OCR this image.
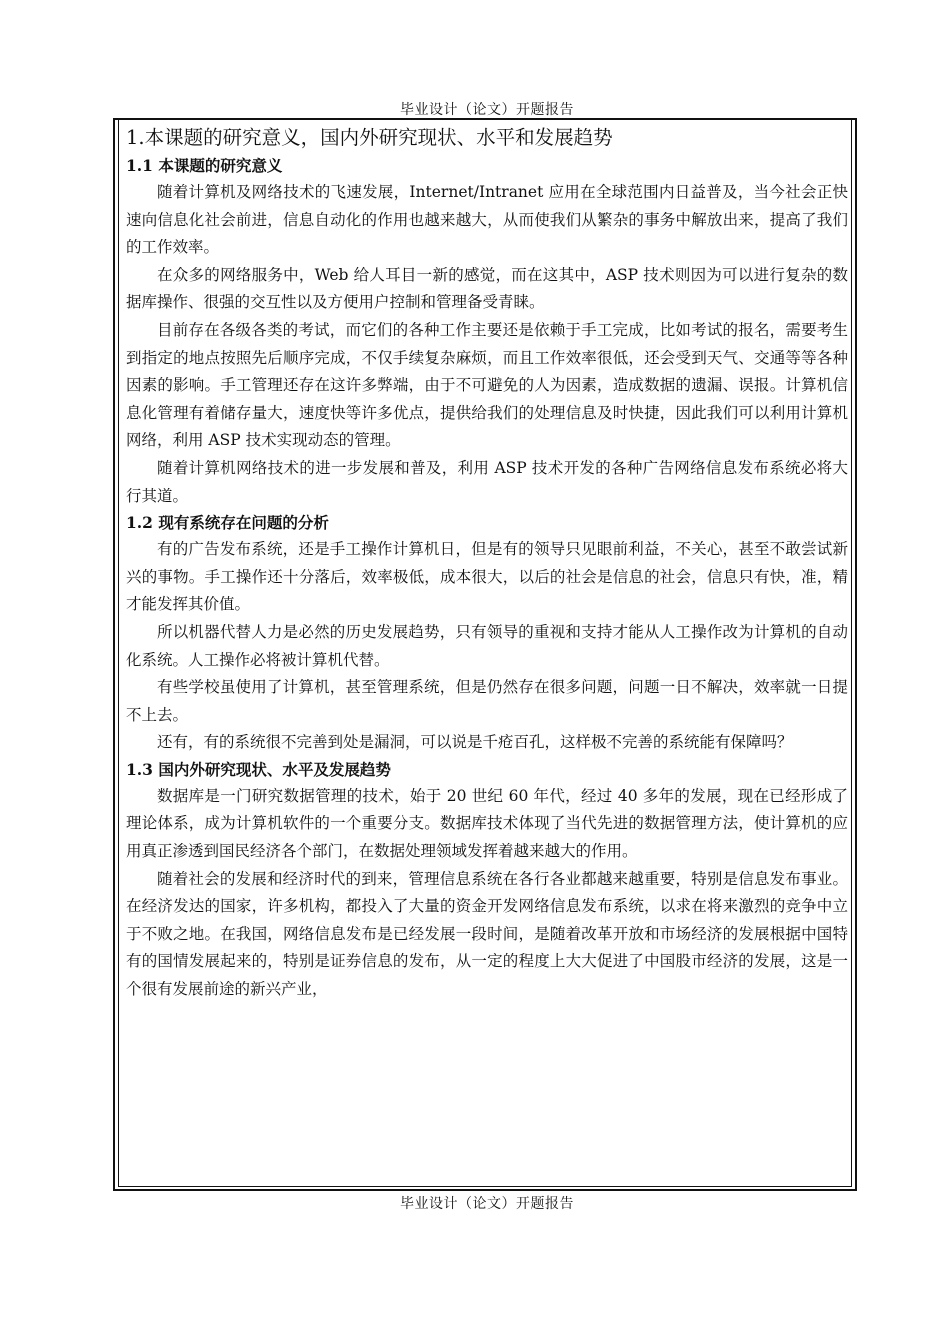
毕业设计（论文）开题报告
1.本课题的研究意义，国内外研究现状、水平和发展趋势
1.1 本课题的研究意义

随着计算机及网络技术的飞速发展，Internet/Intranet 应用在全球范围内日益普及，当今社会正快速向信息化社会前进，信息自动化的作用也越来越大，从而使我们从繁杂的事务中解放出来，提高了我们的工作效率。

在众多的网络服务中，Web 给人耳目一新的感觉，而在这其中，ASP 技术则因为可以进行复杂的数据库操作、很强的交互性以及方便用户控制和管理备受青睐。

目前存在各级各类的考试，而它们的各种工作主要还是依赖于手工完成，比如考试的报名，需要考生到指定的地点按照先后顺序完成，不仅手续复杂麻烦，而且工作效率很低，还会受到天气、交通等等各种因素的影响。手工管理还存在这许多弊端，由于不可避免的人为因素，造成数据的遗漏、误报。计算机信息化管理有着储存量大，速度快等许多优点，提供给我们的处理信息及时快捷，因此我们可以利用计算机网络，利用 ASP 技术实现动态的管理。

随着计算机网络技术的进一步发展和普及，利用 ASP 技术开发的各种广告网络信息发布系统必将大行其道。

1.2 现有系统存在问题的分析

有的广告发布系统，还是手工操作计算机日，但是有的领导只见眼前利益，不关心，甚至不敢尝试新兴的事物。手工操作还十分落后，效率极低，成本很大，以后的社会是信息的社会，信息只有快，准，精才能发挥其价值。

所以机器代替人力是必然的历史发展趋势，只有领导的重视和支持才能从人工操作改为计算机的自动化系统。人工操作必将被计算机代替。

有些学校虽使用了计算机，甚至管理系统，但是仍然存在很多问题，问题一日不解决，效率就一日提不上去。

还有，有的系统很不完善到处是漏洞，可以说是千疮百孔，这样极不完善的系统能有保障吗？

1.3 国内外研究现状、水平及发展趋势

数据库是一门研究数据管理的技术，始于 20 世纪 60 年代，经过 40 多年的发展，现在已经形成了理论体系，成为计算机软件的一个重要分支。数据库技术体现了当代先进的数据管理方法，使计算机的应用真正渗透到国民经济各个部门，在数据处理领域发挥着越来越大的作用。

随着社会的发展和经济时代的到来，管理信息系统在各行各业都越来越重要，特别是信息发布事业。在经济发达的国家，许多机构，都投入了大量的资金开发网络信息发布系统，以求在将来激烈的竞争中立于不败之地。在我国，网络信息发布是已经发展一段时间，是随着改革开放和市场经济的发展根据中国特有的国情发展起来的，特别是证券信息的发布，从一定的程度上大大促进了中国股市经济的发展，这是一个很有发展前途的新兴产业，

毕业设计（论文）开题报告
